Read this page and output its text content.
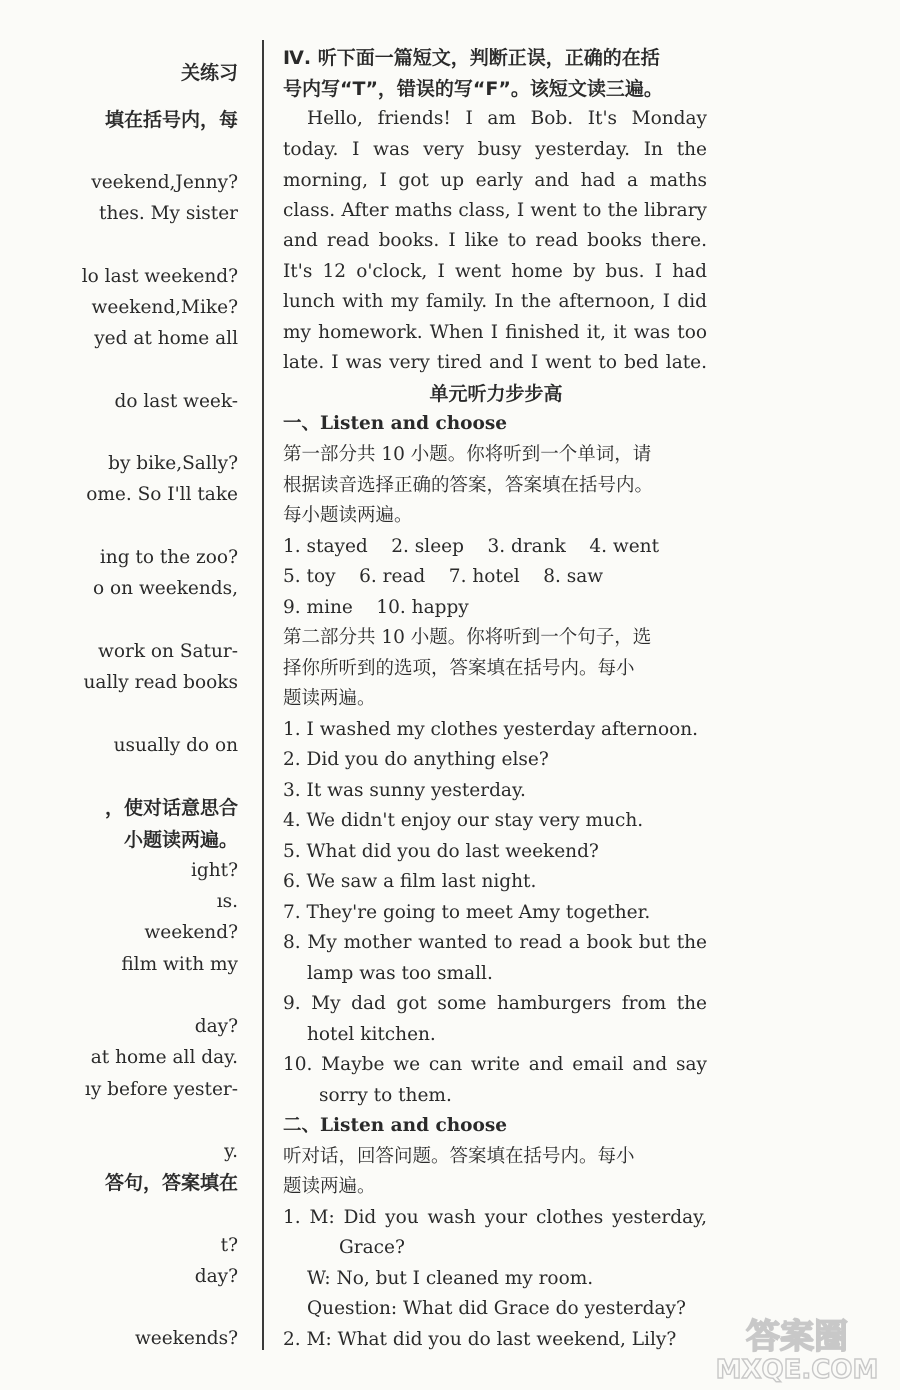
关练习
填在括号内，每
veekend,Jenny?
thes. My sister
lo last weekend?
weekend,Mike?
yed at home all
do last week-
by bike,Sally?
ome. So I'll take
ing to the zoo?
o on weekends,
work on Satur-
ually read books
usually do on
，使对话意思合
小题读两遍。
ight?
ıs.
weekend?
film with my
day?
at home all day.
ıy before yester-
y.
答句，答案填在
t?
day?
weekends?
Ⅳ. 听下面一篇短文，判断正误，正确的在括
号内写“T”，错误的写“F”。该短文读三遍。
Hello, friends! I am Bob. It's Monday
today. I was very busy yesterday. In the
morning, I got up early and had a maths
class. After maths class, I went to the library
and read books. I like to read books there.
It's 12 o'clock, I went home by bus. I had
lunch with my family. In the afternoon, I did
my homework. When I finished it, it was too
late. I was very tired and I went to bed late.
单元听力步步高
一、Listen and choose
第一部分共 10 小题。你将听到一个单词，请
根据读音选择正确的答案，答案填在括号内。
每小题读两遍。
1. stayed    2. sleep    3. drank    4. went
5. toy    6. read    7. hotel    8. saw
9. mine    10. happy
第二部分共 10 小题。你将听到一个句子，选
择你所听到的选项，答案填在括号内。每小
题读两遍。
1. I washed my clothes yesterday afternoon.
2. Did you do anything else?
3. It was sunny yesterday.
4. We didn't enjoy our stay very much.
5. What did you do last weekend?
6. We saw a film last night.
7. They're going to meet Amy together.
8. My mother wanted to read a book but the
lamp was too small.
9. My dad got some hamburgers from the
hotel kitchen.
10. Maybe we can write and email and say
sorry to them.
二、Listen and choose
听对话，回答问题。答案填在括号内。每小
题读两遍。
1. M: Did you wash your clothes yesterday,
Grace?
W: No, but I cleaned my room.
Question: What did Grace do yesterday?
2. M: What did you do last weekend, Lily? 答案圈
MXQE.COM
